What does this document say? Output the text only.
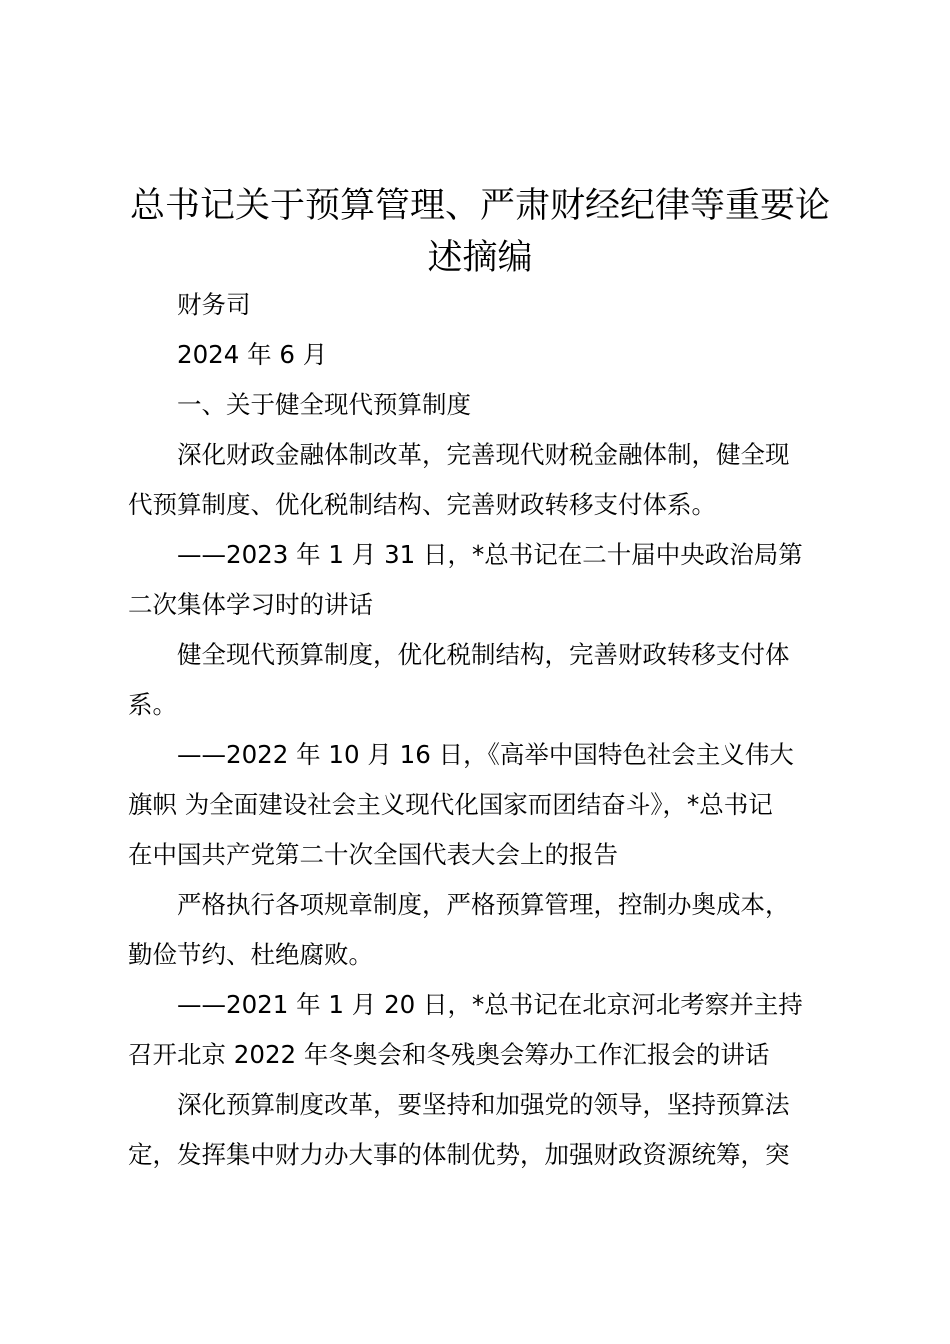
总书记关于预算管理、严肃财经纪律等重要论
述摘编
财务司
2024 年 6 月
一、关于健全现代预算制度
深化财政金融体制改革，完善现代财税金融体制，健全现
代预算制度、优化税制结构、完善财政转移支付体系。
——2023 年 1 月 31 日，*总书记在二十届中央政治局第
二次集体学习时的讲话
健全现代预算制度，优化税制结构，完善财政转移支付体
系。
——2022 年 10 月 16 日，《高举中国特色社会主义伟大
旗帜 为全面建设社会主义现代化国家而团结奋斗》，*总书记
在中国共产党第二十次全国代表大会上的报告
严格执行各项规章制度，严格预算管理，控制办奥成本，
勤俭节约、杜绝腐败。
——2021 年 1 月 20 日，*总书记在北京河北考察并主持
召开北京 2022 年冬奥会和冬残奥会筹办工作汇报会的讲话
深化预算制度改革，要坚持和加强党的领导，坚持预算法
定，发挥集中财力办大事的体制优势，加强财政资源统筹，突
